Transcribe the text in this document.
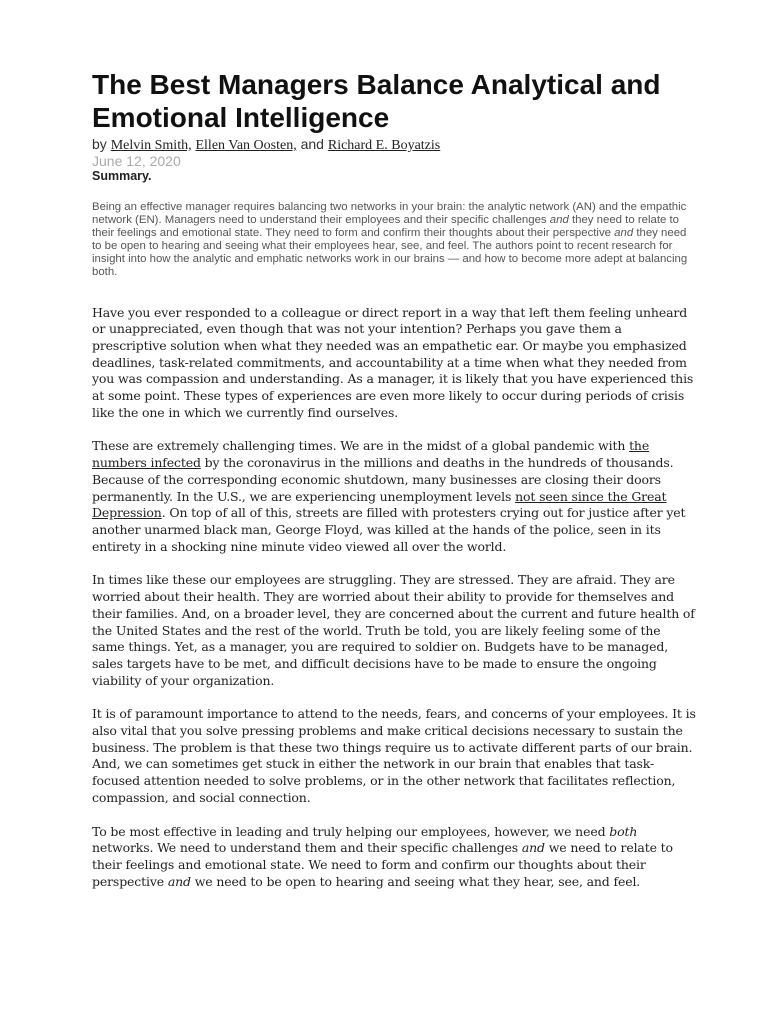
The Best Managers Balance Analytical and Emotional Intelligence
by Melvin Smith, Ellen Van Oosten, and Richard E. Boyatzis
June 12, 2020
Summary.
Being an effective manager requires balancing two networks in your brain: the analytic network (AN) and the empathic network (EN). Managers need to understand their employees and their specific challenges and they need to relate to their feelings and emotional state. They need to form and confirm their thoughts about their perspective and they need to be open to hearing and seeing what their employees hear, see, and feel. The authors point to recent research for insight into how the analytic and emphatic networks work in our brains — and how to become more adept at balancing both.

Have you ever responded to a colleague or direct report in a way that left them feeling unheard or unappreciated, even though that was not your intention? Perhaps you gave them a prescriptive solution when what they needed was an empathetic ear. Or maybe you emphasized deadlines, task-related commitments, and accountability at a time when what they needed from you was compassion and understanding. As a manager, it is likely that you have experienced this at some point. These types of experiences are even more likely to occur during periods of crisis like the one in which we currently find ourselves.

These are extremely challenging times. We are in the midst of a global pandemic with the numbers infected by the coronavirus in the millions and deaths in the hundreds of thousands. Because of the corresponding economic shutdown, many businesses are closing their doors permanently. In the U.S., we are experiencing unemployment levels not seen since the Great Depression. On top of all of this, streets are filled with protesters crying out for justice after yet another unarmed black man, George Floyd, was killed at the hands of the police, seen in its entirety in a shocking nine minute video viewed all over the world.

In times like these our employees are struggling. They are stressed. They are afraid. They are worried about their health. They are worried about their ability to provide for themselves and their families. And, on a broader level, they are concerned about the current and future health of the United States and the rest of the world. Truth be told, you are likely feeling some of the same things. Yet, as a manager, you are required to soldier on. Budgets have to be managed, sales targets have to be met, and difficult decisions have to be made to ensure the ongoing viability of your organization.

It is of paramount importance to attend to the needs, fears, and concerns of your employees. It is also vital that you solve pressing problems and make critical decisions necessary to sustain the business. The problem is that these two things require us to activate different parts of our brain. And, we can sometimes get stuck in either the network in our brain that enables that task-focused attention needed to solve problems, or in the other network that facilitates reflection, compassion, and social connection.

To be most effective in leading and truly helping our employees, however, we need both networks. We need to understand them and their specific challenges and we need to relate to their feelings and emotional state. We need to form and confirm our thoughts about their perspective and we need to be open to hearing and seeing what they hear, see, and feel.
